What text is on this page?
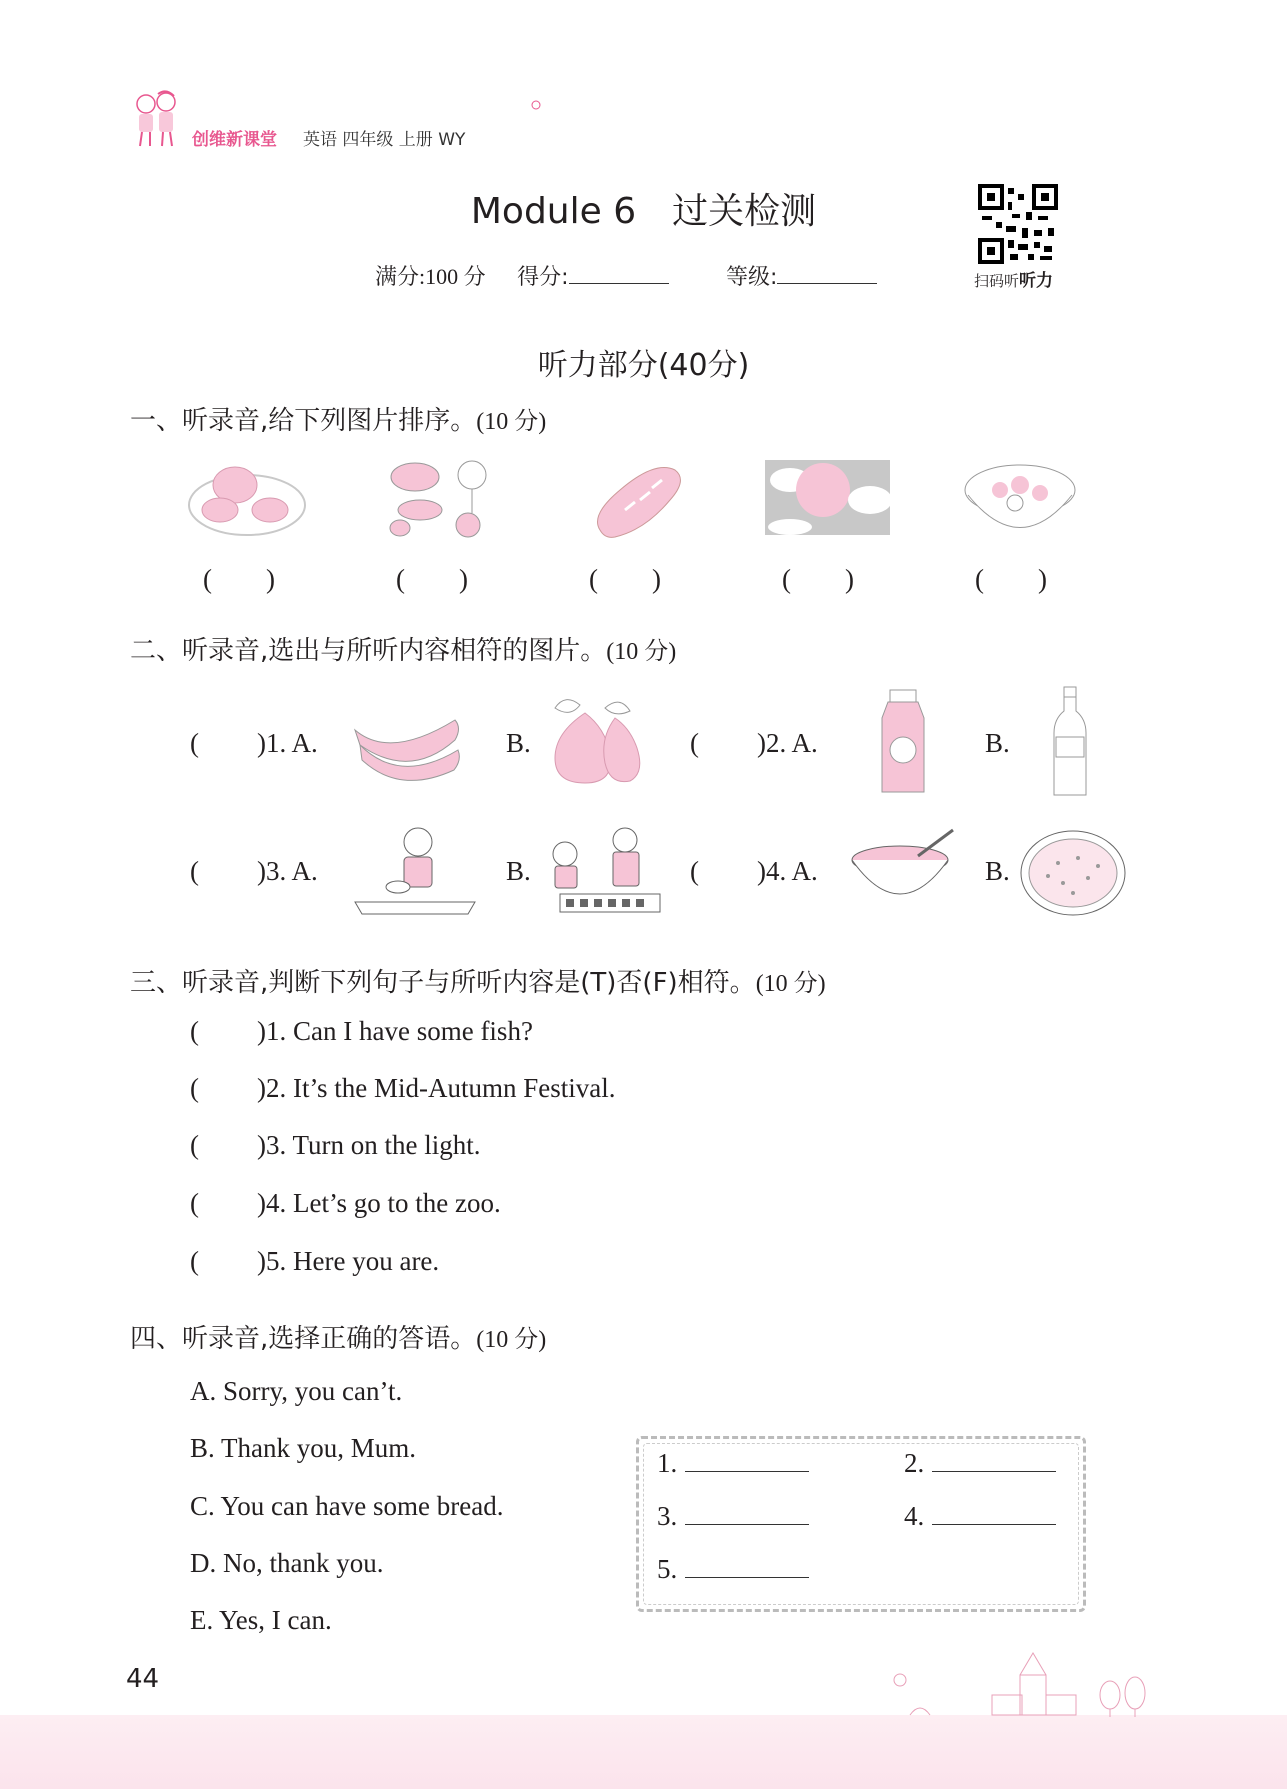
创维新课堂 英语 四年级 上册 WY
Module 6　过关检测
扫码听听力
满分:100 分 得分:	等级:
听力部分(40分)
一、听录音,给下列图片排序。(10 分)
(　　)	(　　)	(　　)	(　　)	(　　)
二、听录音,选出与所听内容相符的图片。(10 分)
( )1. A.	B.	( )2. A.	B.
( )3. A.	B.	( )4. A.	B.
三、听录音,判断下列句子与所听内容是(T)否(F)相符。(10 分)
( )1. Can I have some fish?
( )2. It’s the Mid-Autumn Festival.
( )3. Turn on the light.
( )4. Let’s go to the zoo.
( )5. Here you are.
四、听录音,选择正确的答语。(10 分)
A. Sorry, you can’t.
B. Thank you, Mum.
C. You can have some bread.
D. No, thank you.
E. Yes, I can.
1.	2.
3.	4.
5.
44
